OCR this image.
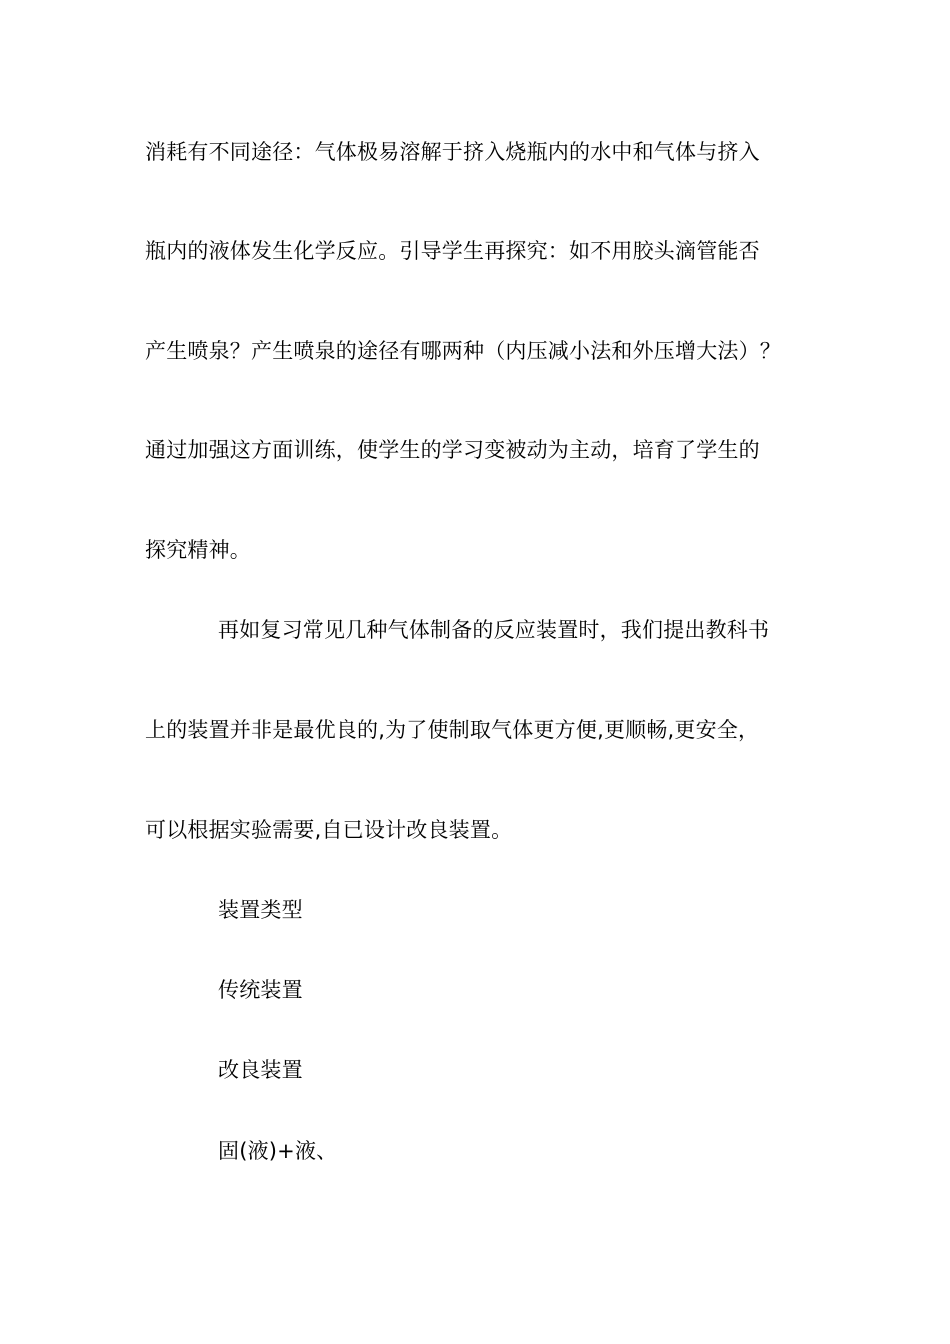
消耗有不同途径：气体极易溶解于挤入烧瓶内的水中和气体与挤入
瓶内的液体发生化学反应。引导学生再探究：如不用胶头滴管能否
产生喷泉？产生喷泉的途径有哪两种（内压减小法和外压增大法）？
通过加强这方面训练，使学生的学习变被动为主动，培育了学生的
探究精神。
再如复习常见几种气体制备的反应装置时，我们提出教科书
上的装置并非是最优良的,为了使制取气体更方便,更顺畅,更安全，
可以根据实验需要,自已设计改良装置。
装置类型
传统装置
改良装置
固(液)+液、
